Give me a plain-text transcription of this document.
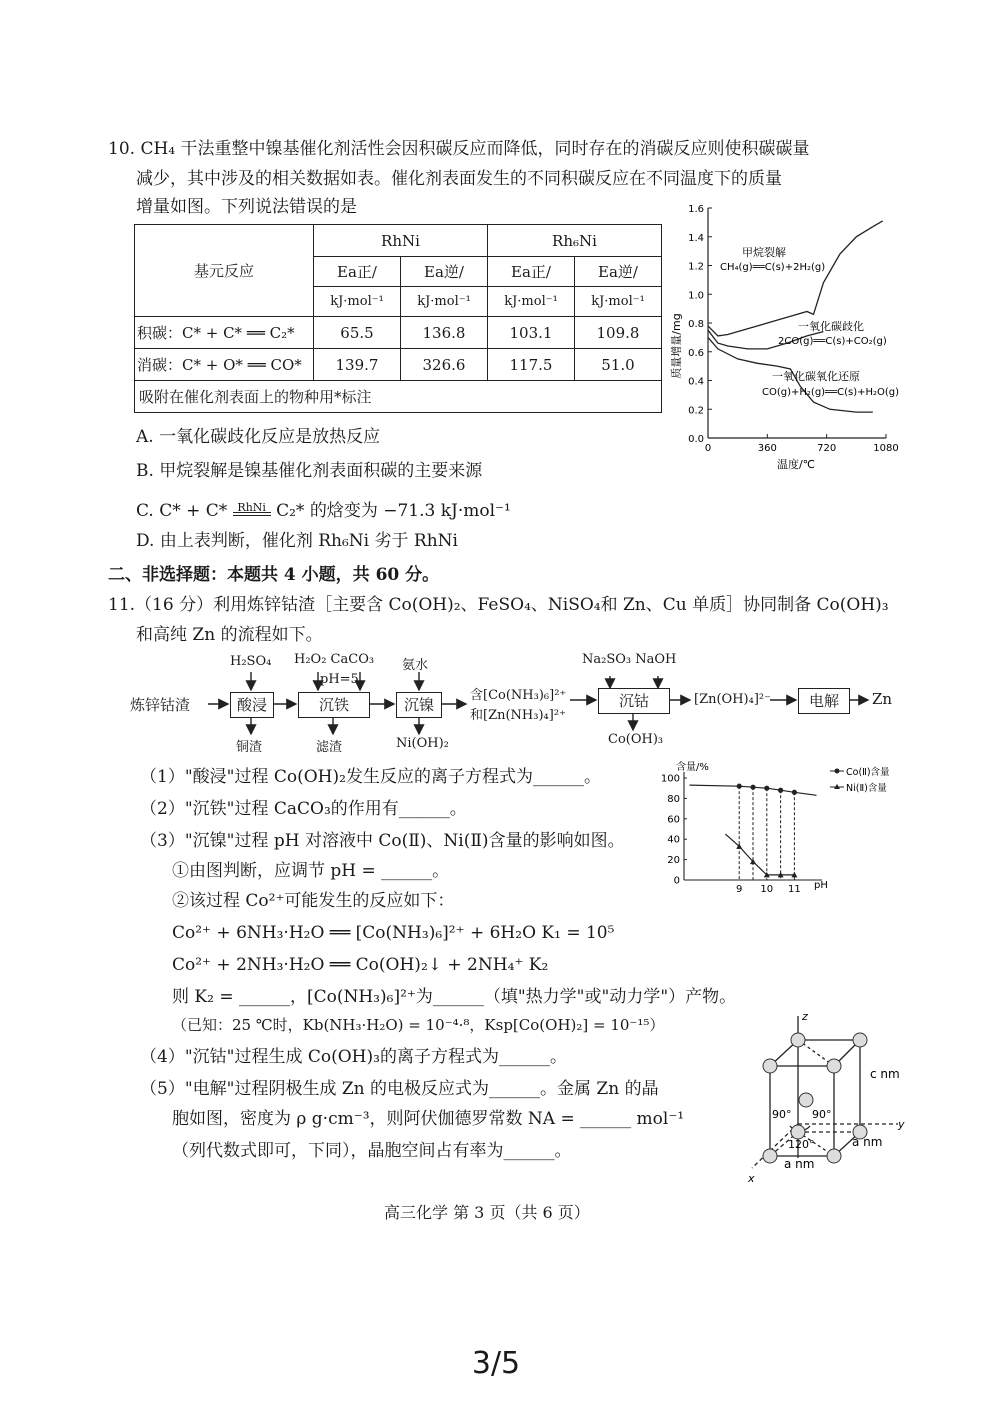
10. CH₄ 干法重整中镍基催化剂活性会因积碳反应而降低，同时存在的消碳反应则使积碳碳量
减少，其中涉及的相关数据如表。催化剂表面发生的不同积碳反应在不同温度下的质量
增量如图。下列说法错误的是
基元反应	RhNi		Rh₆Ni	
	Ea正/	Ea逆/	Ea正/	Ea逆/
	kJ·mol⁻¹	kJ·mol⁻¹	kJ·mol⁻¹	kJ·mol⁻¹
积碳：C* + C* ══ C₂*	65.5	136.8	103.1	109.8
消碳：C* + O* ══ CO*	139.7	326.6	117.5	51.0
吸附在催化剂表面上的物种用*标注				
0.0
0.2
0.4
0.6
0.8
1.0
1.2
1.4
1.6
0	360	720	1080
质量增量/mg
温度/℃
甲烷裂解
CH₄(g)══C(s)+2H₂(g)
一氧化碳歧化
2CO(g)══C(s)+CO₂(g)
一氧化碳氧化还原
CO(g)+H₂(g)══C(s)+H₂O(g)
A. 一氧化碳歧化反应是放热反应
B. 甲烷裂解是镍基催化剂表面积碳的主要来源
C. C* + C* RhNi C₂* 的焓变为 −71.3 kJ·mol⁻¹
D. 由上表判断，催化剂 Rh₆Ni 劣于 RhNi
二、非选择题：本题共 4 小题，共 60 分。
11.（16 分）利用炼锌钴渣［主要含 Co(OH)₂、FeSO₄、NiSO₄和 Zn、Cu 单质］协同制备 Co(OH)₃
和高纯 Zn 的流程如下。
炼锌钴渣	酸浸
H₂SO₄
铜渣
沉铁
H₂O₂ CaCO₃
pH=5
滤渣
沉镍
氨水
Ni(OH)₂
含[Co(NH₃)₆]²⁺
和[Zn(NH₃)₄]²⁺
沉钴
Na₂SO₃ NaOH
Co(OH)₃
[Zn(OH)₄]²⁻	电解	Zn
（1）"酸浸"过程 Co(OH)₂发生反应的离子方程式为______。
（2）"沉铁"过程 CaCO₃的作用有______。
（3）"沉镍"过程 pH 对溶液中 Co(Ⅱ)、Ni(Ⅱ)含量的影响如图。
①由图判断，应调节 pH = ______。
②该过程 Co²⁺可能发生的反应如下：
Co²⁺ + 6NH₃·H₂O ══ [Co(NH₃)₆]²⁺ + 6H₂O K₁ = 10⁵
Co²⁺ + 2NH₃·H₂O ══ Co(OH)₂↓ + 2NH₄⁺ K₂
则 K₂ = ______，[Co(NH₃)₆]²⁺为______（填"热力学"或"动力学"）产物。
（已知：25 ℃时，Kb(NH₃·H₂O) = 10⁻⁴·⁸，Ksp[Co(OH)₂] = 10⁻¹⁵）
（4）"沉钴"过程生成 Co(OH)₃的离子方程式为______。
（5）"电解"过程阴极生成 Zn 的电极反应式为______。金属 Zn 的晶
胞如图，密度为 ρ g·cm⁻³，则阿伏伽德罗常数 NA = ______ mol⁻¹
（列代数式即可，下同），晶胞空间占有率为______。
0
20
40
60
80
100
9 10 11
含量/%
pH
Co(Ⅱ)含量
Ni(Ⅱ)含量
z
y
x
c nm
a nm
a nm
90° 90°
120°
高三化学 第 3 页（共 6 页）
3/5
